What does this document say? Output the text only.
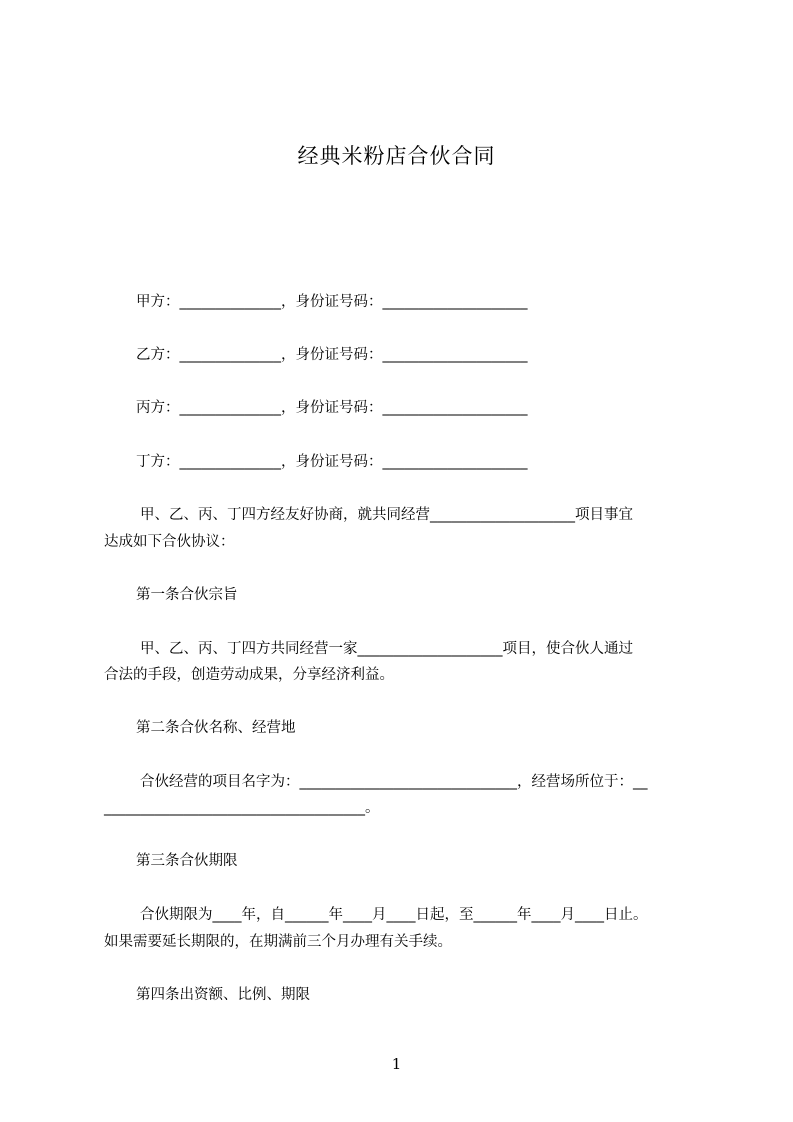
经典米粉店合伙合同
甲方：______________，身份证号码：____________________
乙方：______________，身份证号码：____________________
丙方：______________，身份证号码：____________________
丁方：______________，身份证号码：____________________
甲、乙、丙、丁四方经友好协商，就共同经营____________________项目事宜
达成如下合伙协议：
第一条合伙宗旨
甲、乙、丙、丁四方共同经营一家____________________项目，使合伙人通过
合法的手段，创造劳动成果，分享经济利益。
第二条合伙名称、经营地
合伙经营的项目名字为：______________________________，经营场所位于：__
____________________________________。
第三条合伙期限
合伙期限为____年，自______年____月____日起，至______年____月____日止。
如果需要延长期限的，在期满前三个月办理有关手续。
第四条出资额、比例、期限
1
